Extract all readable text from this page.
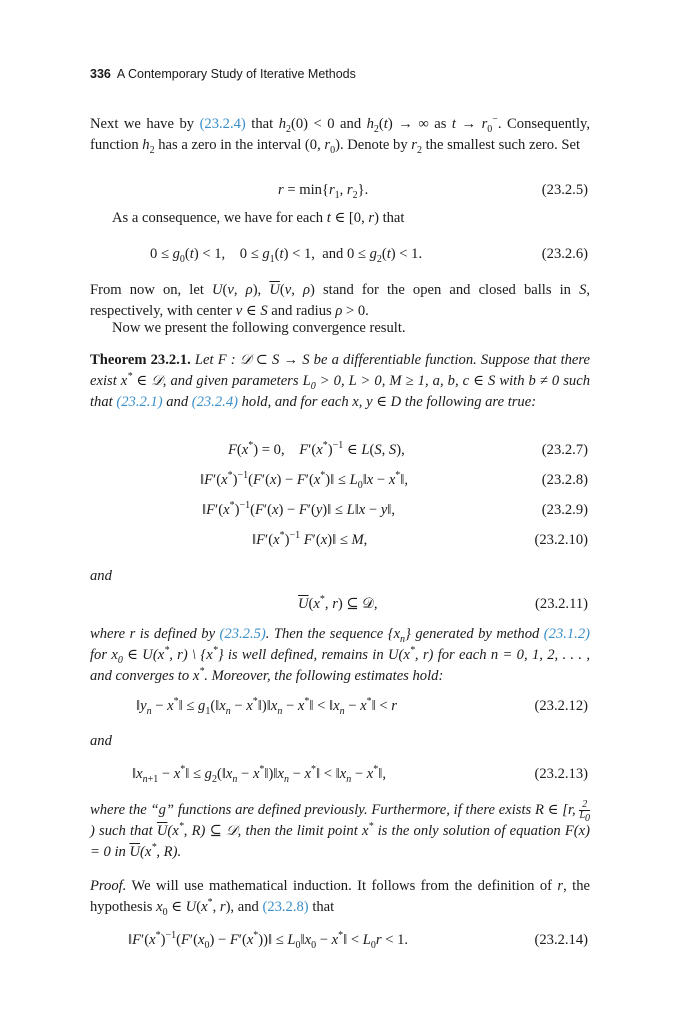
336 A Contemporary Study of Iterative Methods
Next we have by (23.2.4) that $h_2(0) < 0$ and $h_2(t)$ → ∞ as $t \to r_0^-$. Consequently, function $h_2$ has a zero in the interval (0, $r_0$). Denote by $r_2$ the smallest such zero. Set
$r = \min\{r_1$, $r_2$}.	(23.2.5)
As a consequence, we have for each t ∈ [0, r) that
$0 \le g_0(t) < 1$,    $0 \le g_1(t) < 1$,  and $0 \le g_2(t) < 1$.	(23.2.6)
From now on, let U(v, ρ), $\overline{U}(v$, ρ) stand for the open and closed balls in S, respectively, with center v ∈ S and radius ρ > 0.
Now we present the following convergence result.
Theorem 23.2.1. Let F : 𝒟 ⊂ S → S be a differentiable function. Suppose that there exist x* ∈ 𝒟, and given parameters $L_0 > 0$, L > 0, M ≥ 1, a, b, c ∈ S with b ≠ 0 such that (23.2.1) and (23.2.4) hold, and for each x, y ∈ D the following are true:
F(x*) = 0,    $F'(x^*)^{-1}$ ∈ L(S, S),	(23.2.7)
$‖F'(x^*)^{-1}(F'(x)$ − F′(x*)‖ ≤ $L_0‖x$ − x*‖,	(23.2.8)
$‖F'(x^*)^{-1}(F'(x)$ − F′(y)‖ ≤ L‖x − y‖,	(23.2.9)
$‖F'(x^*)^{-1}$ F′(x)‖ ≤ M,	(23.2.10)
and
$\overline{U}(x^*$, r) ⊆ 𝒟,	(23.2.11)
where r is defined by (23.2.5). Then the sequence $\{x_n\}$ generated by method (23.1.2) for $x_0$ ∈ U(x*, r) \ {x*} is well defined, remains in U(x*, r) for each n = 0, 1, 2, . . . , and converges to x*. Moreover, the following estimates hold:
$‖y_n$ − x*‖ ≤ $g_1(‖x_n$ − $x^*‖)‖x_n$ − x*‖ < $‖x_n$ − x*‖ < r	(23.2.12)
and
$‖x_{n+1}$ − x*‖ ≤ $g_2(‖x_n$ − $x^*‖)‖x_n$ − x*‖ < $‖x_n$ − x*‖,	(23.2.13)
where the “g” functions are defined previously. Furthermore, if there exists R ∈ [r, $\frac{2}{L_0}$
) such that $\overline{U}(x^*$, R) ⊆ 𝒟, then the limit point x* is the only solution of equation F(x) = 0 in $\overline{U}(x^*$, R).
Proof. We will use mathematical induction. It follows from the definition of r, the hypothesis $x_0$ ∈ U(x*, r), and (23.2.8) that
$‖F'(x^*)^{-1}(F'(x_0)$ − F′(x*))‖ ≤ $L_0‖x_0$ − x*‖ < $L_0r < 1$.	(23.2.14)
